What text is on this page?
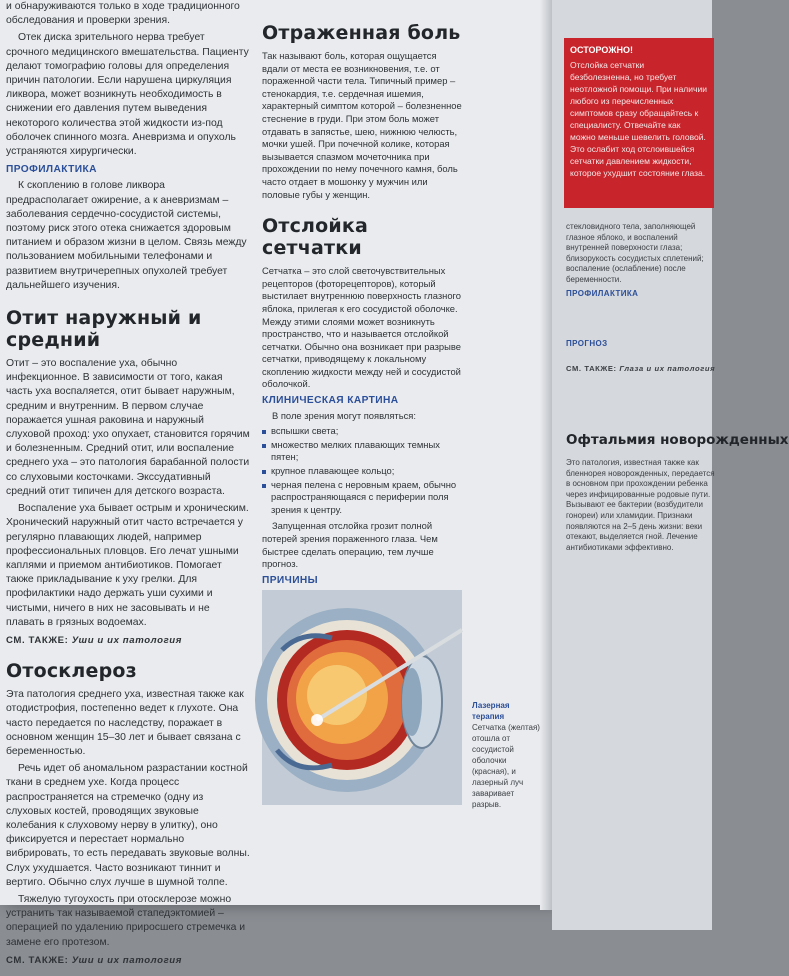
и обнаруживаются только в ходе традиционного обследования и проверки зрения.

Отек диска зрительного нерва требует срочного медицинского вмешательства. Пациенту делают томографию головы для определения причин патологии. Если нарушена циркуляция ликвора, может возникнуть необходимость в снижении его давления путем выведения некоторого количества этой жидкости из-под оболочек спинного мозга. Аневризма и опухоль устраняются хирургически.

ПРОФИЛАКТИКА

К скоплению в голове ликвора предрасполагает ожирение, а к аневризмам – заболевания сердечно-сосудистой системы, поэтому риск этого отека снижается здоровым питанием и образом жизни в целом. Связь между пользованием мобильными телефонами и развитием внутричерепных опухолей требует дальнейшего изучения.

Отит наружный и средний

Отит – это воспаление уха, обычно инфекционное. В зависимости от того, какая часть уха воспаляется, отит бывает наружным, средним и внутренним. В первом случае поражается ушная раковина и наружный слуховой проход: ухо опухает, становится горячим и болезненным. Средний отит, или воспаление среднего уха – это патология барабанной полости со слуховыми косточками. Экссудативный средний отит типичен для детского возраста.

Воспаление уха бывает острым и хроническим. Хронический наружный отит часто встречается у регулярно плавающих людей, например профессиональных пловцов. Его лечат ушными каплями и приемом антибиотиков. Помогает также прикладывание к уху грелки. Для профилактики надо держать уши сухими и чистыми, ничего в них не засовывать и не плавать в грязных водоемах.

СМ. ТАКЖЕ: Уши и их патология
Отосклероз

Эта патология среднего уха, известная также как отодистрофия, постепенно ведет к глухоте. Она часто передается по наследству, поражает в основном женщин 15–30 лет и бывает связана с беременностью.

Речь идет об аномальном разрастании костной ткани в среднем ухе. Когда процесс распространяется на стремечко (одну из слуховых костей, проводящих звуковые колебания к слуховому нерву в улитку), оно фиксируется и перестает нормально вибрировать, то есть передавать звуковые волны. Слух ухудшается. Часто возникают тиннит и вертиго. Обычно слух лучше в шумной толпе.

Тяжелую тугоухость при отосклерозе можно устранить так называемой стапедэктомией – операцией по удалению приросшего стремечка и замене его протезом.

СМ. ТАКЖЕ: Уши и их патология
Отраженная боль

Так называют боль, которая ощущается вдали от места ее возникновения, т.е. от пораженной части тела. Типичный пример – стенокардия, т.е. сердечная ишемия, характерный симптом которой – болезненное стеснение в груди. При этом боль может отдавать в запястье, шею, нижнюю челюсть, мочки ушей. При почечной колике, которая вызывается спазмом мочеточника при прохождении по нему почечного камня, боль часто отдает в мошонку у мужчин или половые губы у женщин.

Отслойка сетчатки

Сетчатка – это слой светочувствительных рецепторов (фоторецепторов), который выстилает внутреннюю поверхность глазного яблока, прилегая к его сосудистой оболочке. Между этими слоями может возникнуть пространство, что и называется отслойкой сетчатки. Обычно она возникает при разрыве сетчатки, приводящему к локальному скоплению жидкости между ней и сосудистой оболочкой.

КЛИНИЧЕСКАЯ КАРТИНА

В поле зрения могут появляться:

вспышки света;
множество мелких плавающих темных пятен;
крупное плавающее кольцо;
черная пелена с неровным краем, обычно распространяющаяся с периферии поля зрения к центру.

Запущенная отслойка грозит полной потерей зрения пораженного глаза. Чем быстрее сделать операцию, тем лучше прогноз.

ПРИЧИНЫ

Лазерная терапия
Сетчатка (желтая) отошла от сосудистой оболочки (красная), и лазерный луч заваривает разрыв.
ОСТОРОЖНО!
Отслойка сетчатки безболезненна, но требует неотложной помощи. При наличии любого из перечисленных симптомов сразу обращайтесь к специалисту. Отвечайте как можно меньше шевелить головой. Это ослабит ход отслоившейся сетчатки давлением жидкости, которое ухудшит состояние глаза.
стекловидного тела, заполняющей глазное яблоко, и воспалений внутренней поверхности глаза; близорукость сосудистых сплетений; воспаление (ослабление) после беременности.
ПРОФИЛАКТИКА
ПРОГНОЗ
СМ. ТАКЖЕ: Глаза и их патология
Офтальмия новорожденных
Это патология, известная также как бленнорея новорожденных, передается в основном при прохождении ребенка через инфицированные родовые пути. Вызывают ее бактерии (возбудители гонореи) или хламидии. Признаки появляются на 2–5 день жизни: веки отекают, выделяется гной. Лечение антибиотиками эффективно.
